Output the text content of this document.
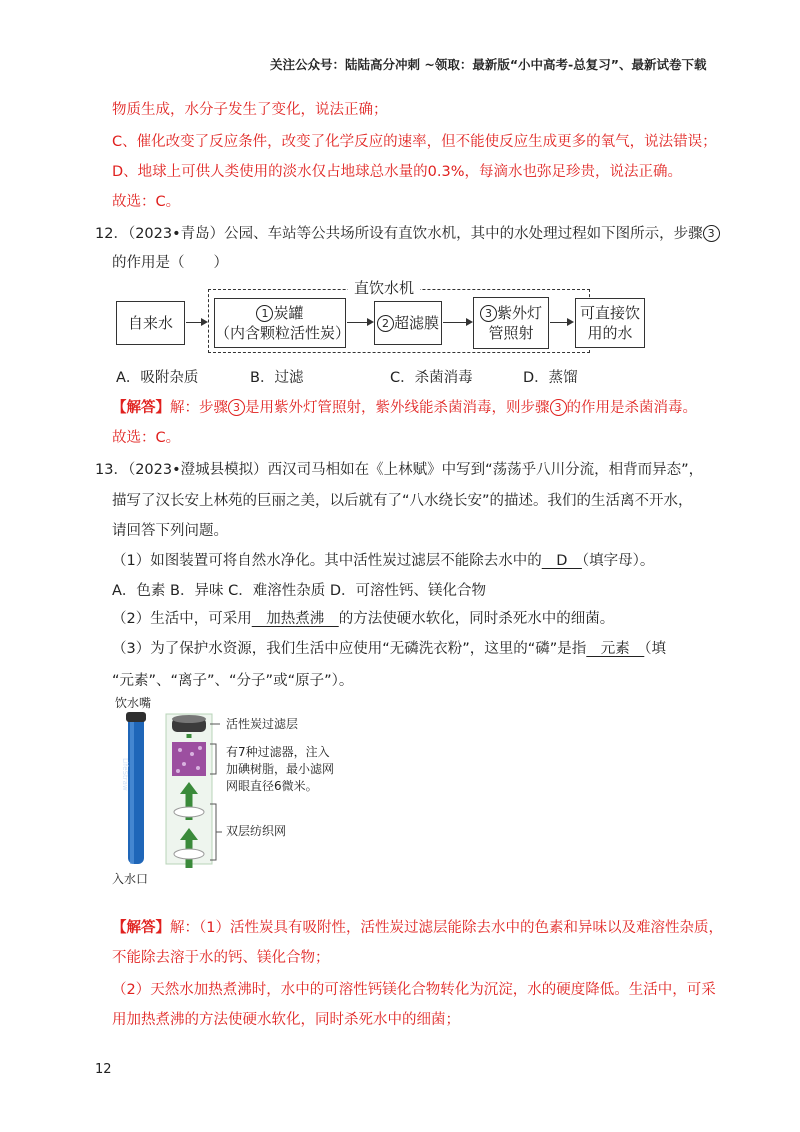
关注公众号：陆陆高分冲刺 ~领取：最新版“小中高考-总复习”、最新试卷下载
物质生成，水分子发生了变化，说法正确；
C、催化改变了反应条件，改变了化学反应的速率，但不能使反应生成更多的氧气，说法错误；
D、地球上可供人类使用的淡水仅占地球总水量的0.3%，每滴水也弥足珍贵，说法正确。
故选：C。
12．（2023•青岛）公园、车站等公共场所设有直饮水机，其中的水处理过程如下图所示，步骤 3
的作用是（　　）
直饮水机
自来水
1 炭罐
（内含颗粒活性炭）
2 超滤膜
3 紫外灯
管照射
可直接饮
用的水
A．吸附杂质	B．过滤	C．杀菌消毒	D．蒸馏
【解答】解：步骤 3 是用紫外灯管照射，紫外线能杀菌消毒，则步骤 3 的作用是杀菌消毒。
故选：C。
13．（2023•澄城县模拟）西汉司马相如在《上林赋》中写到“荡荡乎八川分流，相背而异态”，
描写了汉长安上林苑的巨丽之美，以后就有了“八水绕长安”的描述。我们的生活离不开水，
请回答下列问题。
（1）如图装置可将自然水净化。其中活性炭过滤层不能除去水中的　D　（填字母）。
A．色素 B．异味 C．难溶性杂质 D．可溶性钙、镁化合物
（2）生活中，可采用　加热煮沸　的方法使硬水软化，同时杀死水中的细菌。
（3）为了保护水资源，我们生活中应使用“无磷洗衣粉”，这里的“磷”是指　元素　（填
“元素”、“离子”、“分子”或“原子”）。
饮水嘴
入水口
LifeStraw
活性炭过滤层
有7种过滤器，注入
加碘树脂，最小滤网
网眼直径6微米。
双层纺织网
【解答】解：（1）活性炭具有吸附性，活性炭过滤层能除去水中的色素和异味以及难溶性杂质，
不能除去溶于水的钙、镁化合物；
（2）天然水加热煮沸时，水中的可溶性钙镁化合物转化为沉淀，水的硬度降低。生活中，可采
用加热煮沸的方法使硬水软化，同时杀死水中的细菌；
12
